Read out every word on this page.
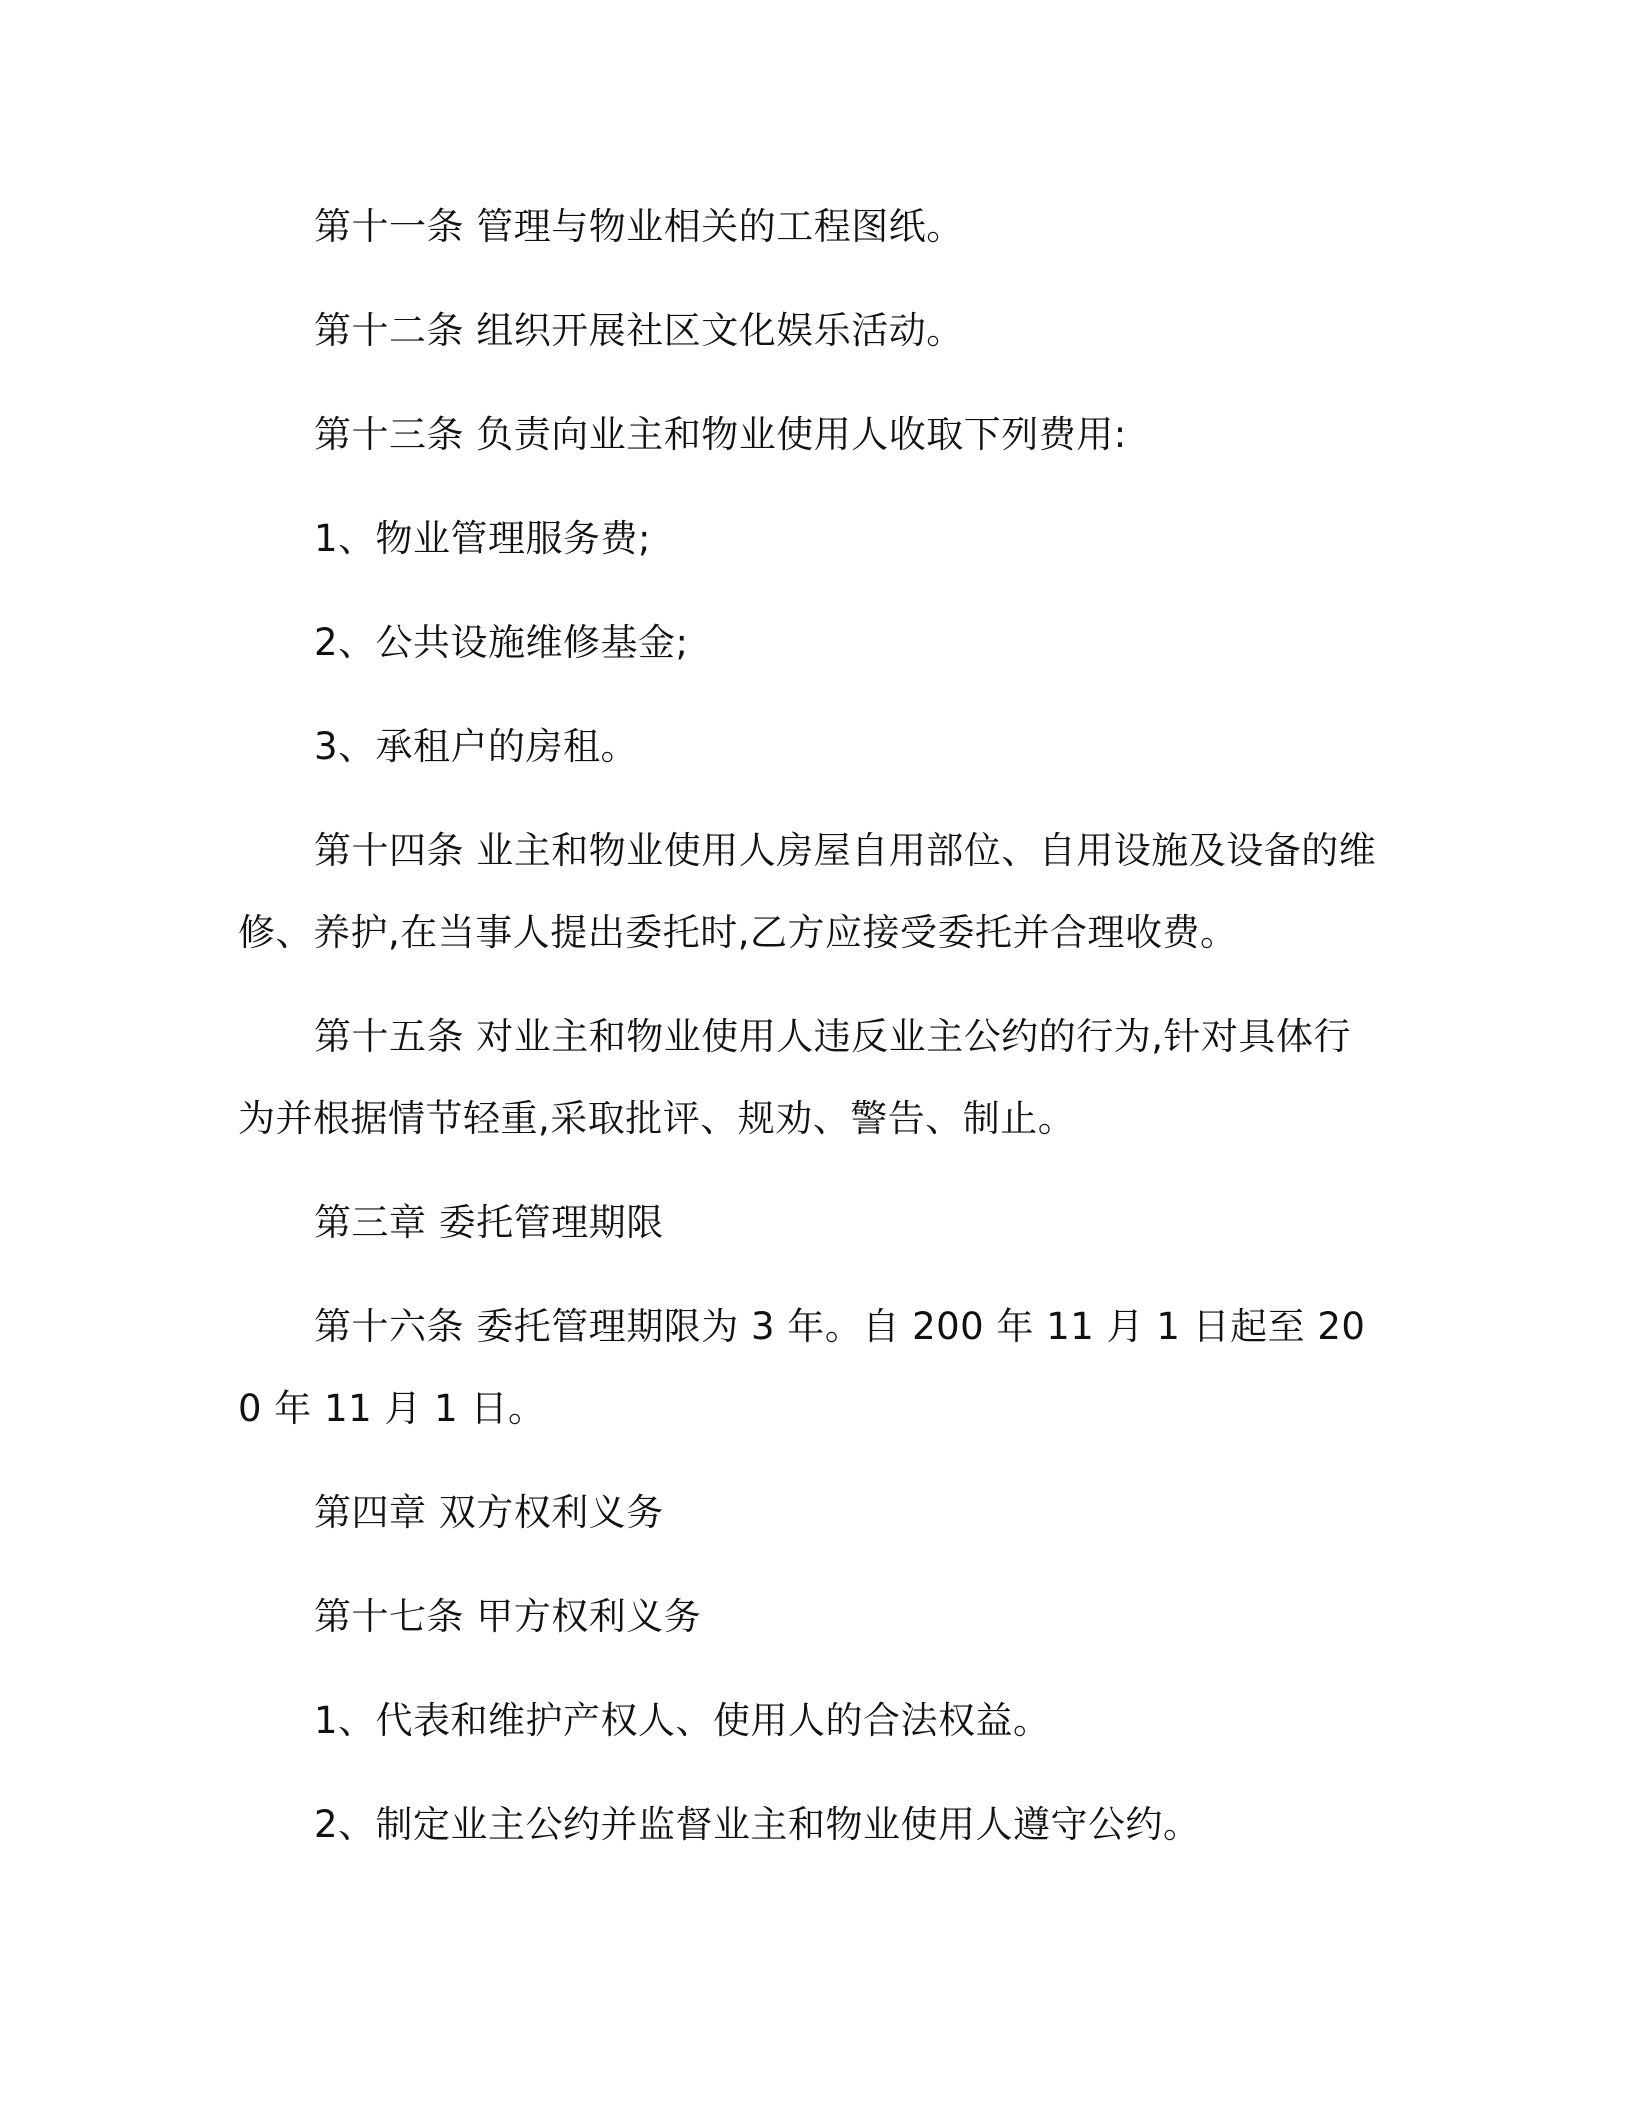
第十一条 管理与物业相关的工程图纸。

第十二条 组织开展社区文化娱乐活动。

第十三条 负责向业主和物业使用人收取下列费用:

1、物业管理服务费;

2、公共设施维修基金;

3、承租户的房租。

第十四条 业主和物业使用人房屋自用部位、自用设施及设备的维修、养护,在当事人提出委托时,乙方应接受委托并合理收费。

第十五条 对业主和物业使用人违反业主公约的行为,针对具体行为并根据情节轻重,采取批评、规劝、警告、制止。

第三章 委托管理期限

第十六条 委托管理期限为 3 年。自 200 年 11 月 1 日起至 200 年 11 月 1 日。

第四章 双方权利义务

第十七条 甲方权利义务

1、代表和维护产权人、使用人的合法权益。

2、制定业主公约并监督业主和物业使用人遵守公约。
